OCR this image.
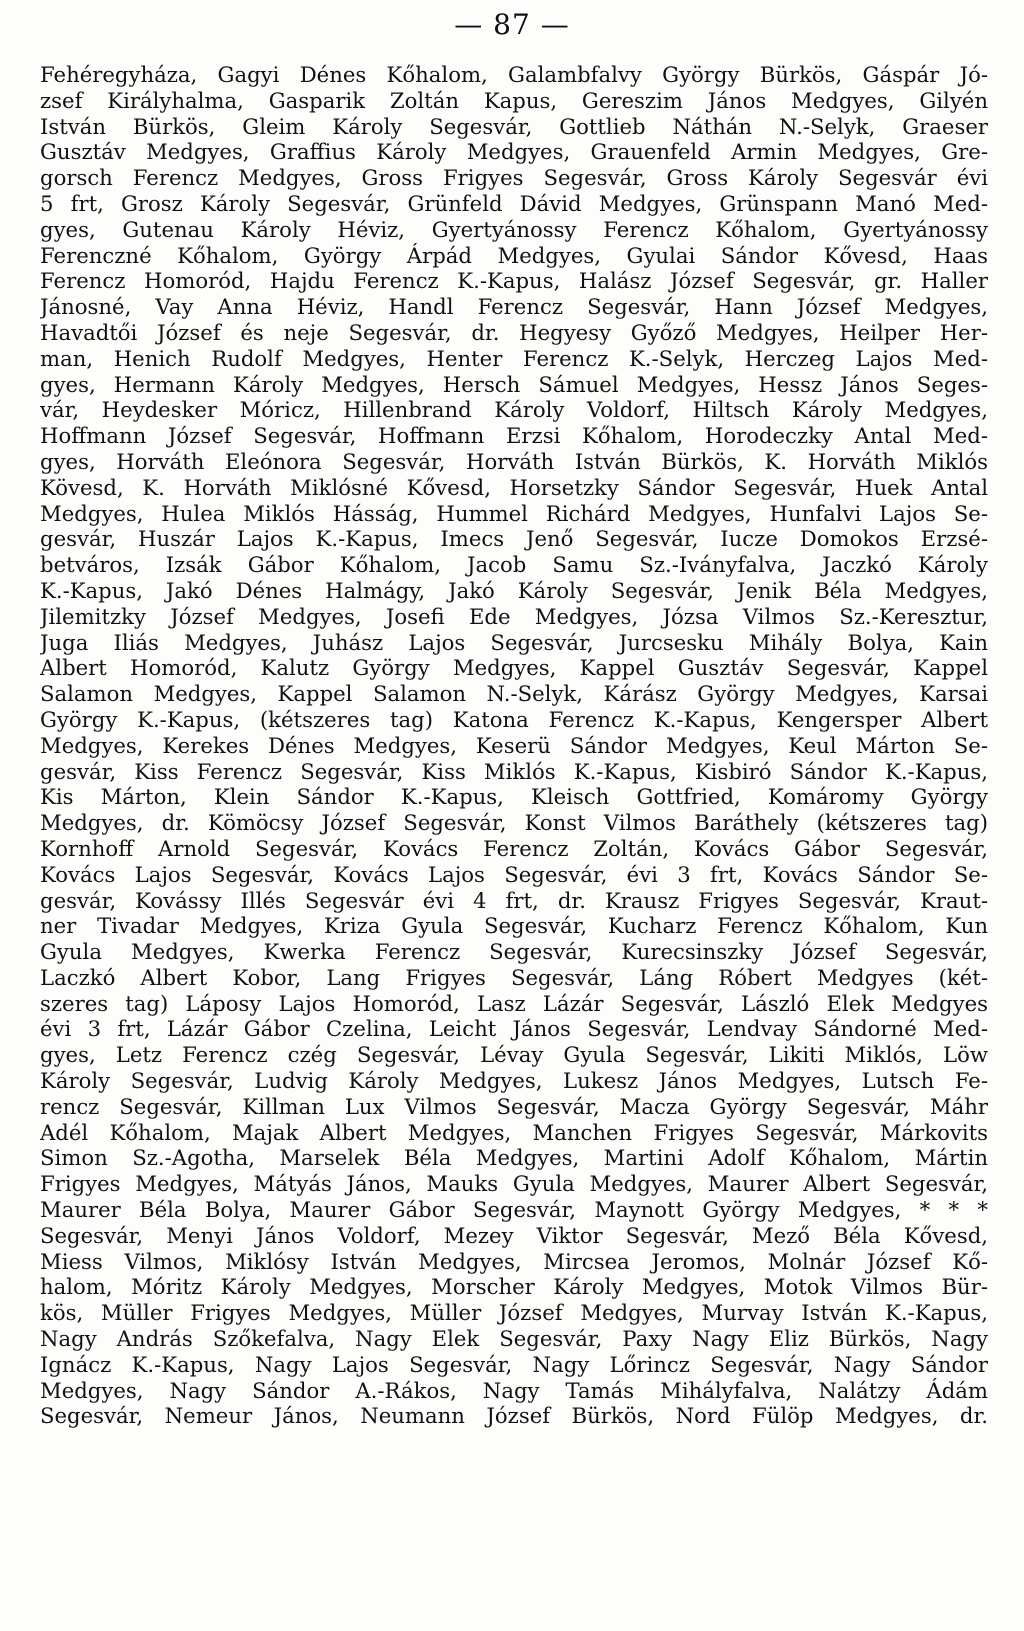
— 87 —
Fehéregyháza, Gagyi Dénes Kőhalom, Galambfalvy György Bürkös, Gáspár Jó-
zsef Királyhalma, Gasparik Zoltán Kapus, Gereszim János Medgyes, Gilyén
István Bürkös, Gleim Károly Segesvár, Gottlieb Náthán N.-Selyk, Graeser
Gusztáv Medgyes, Graffius Károly Medgyes, Grauenfeld Armin Medgyes, Gre-
gorsch Ferencz Medgyes, Gross Frigyes Segesvár, Gross Károly Segesvár évi
5 frt, Grosz Károly Segesvár, Grünfeld Dávid Medgyes, Grünspann Manó Med-
gyes, Gutenau Károly Héviz, Gyertyánossy Ferencz Kőhalom, Gyertyánossy
Ferenczné Kőhalom, György Árpád Medgyes, Gyulai Sándor Kővesd, Haas
Ferencz Homoród, Hajdu Ferencz K.-Kapus, Halász József Segesvár, gr. Haller
Jánosné, Vay Anna Héviz, Handl Ferencz Segesvár, Hann József Medgyes,
Havadtői József és neje Segesvár, dr. Hegyesy Győző Medgyes, Heilper Her-
man, Henich Rudolf Medgyes, Henter Ferencz K.-Selyk, Herczeg Lajos Med-
gyes, Hermann Károly Medgyes, Hersch Sámuel Medgyes, Hessz János Seges-
vár, Heydesker Móricz, Hillenbrand Károly Voldorf, Hiltsch Károly Medgyes,
Hoffmann József Segesvár, Hoffmann Erzsi Kőhalom, Horodeczky Antal Med-
gyes, Horváth Eleónora Segesvár, Horváth István Bürkös, K. Horváth Miklós
Kövesd, K. Horváth Miklósné Kővesd, Horsetzky Sándor Segesvár, Huek Antal
Medgyes, Hulea Miklós Hásság, Hummel Richárd Medgyes, Hunfalvi Lajos Se-
gesvár, Huszár Lajos K.-Kapus, Imecs Jenő Segesvár, Iucze Domokos Erzsé-
betváros, Izsák Gábor Kőhalom, Jacob Samu Sz.-Iványfalva, Jaczkó Károly
K.-Kapus, Jakó Dénes Halmágy, Jakó Károly Segesvár, Jenik Béla Medgyes,
Jilemitzky József Medgyes, Josefi Ede Medgyes, Józsa Vilmos Sz.-Keresztur,
Juga Iliás Medgyes, Juhász Lajos Segesvár, Jurcsesku Mihály Bolya, Kain
Albert Homoród, Kalutz György Medgyes, Kappel Gusztáv Segesvár, Kappel
Salamon Medgyes, Kappel Salamon N.-Selyk, Kárász György Medgyes, Karsai
György K.-Kapus, (kétszeres tag) Katona Ferencz K.-Kapus, Kengersper Albert
Medgyes, Kerekes Dénes Medgyes, Keserü Sándor Medgyes, Keul Márton Se-
gesvár, Kiss Ferencz Segesvár, Kiss Miklós K.-Kapus, Kisbiró Sándor K.-Kapus,
Kis Márton, Klein Sándor K.-Kapus, Kleisch Gottfried, Komáromy György
Medgyes, dr. Kömöcsy József Segesvár, Konst Vilmos Baráthely (kétszeres tag)
Kornhoff Arnold Segesvár, Kovács Ferencz Zoltán, Kovács Gábor Segesvár,
Kovács Lajos Segesvár, Kovács Lajos Segesvár, évi 3 frt, Kovács Sándor Se-
gesvár, Kovássy Illés Segesvár évi 4 frt, dr. Krausz Frigyes Segesvár, Kraut-
ner Tivadar Medgyes, Kriza Gyula Segesvár, Kucharz Ferencz Kőhalom, Kun
Gyula Medgyes, Kwerka Ferencz Segesvár, Kurecsinszky József Segesvár,
Laczkó Albert Kobor, Lang Frigyes Segesvár, Láng Róbert Medgyes (két-
szeres tag) Láposy Lajos Homoród, Lasz Lázár Segesvár, László Elek Medgyes
évi 3 frt, Lázár Gábor Czelina, Leicht János Segesvár, Lendvay Sándorné Med-
gyes, Letz Ferencz czég Segesvár, Lévay Gyula Segesvár, Likiti Miklós, Löw
Károly Segesvár, Ludvig Károly Medgyes, Lukesz János Medgyes, Lutsch Fe-
rencz Segesvár, Killman Lux Vilmos Segesvár, Macza György Segesvár, Máhr
Adél Kőhalom, Majak Albert Medgyes, Manchen Frigyes Segesvár, Márkovits
Simon Sz.-Agotha, Marselek Béla Medgyes, Martini Adolf Kőhalom, Mártin
Frigyes Medgyes, Mátyás János, Mauks Gyula Medgyes, Maurer Albert Segesvár,
Maurer Béla Bolya, Maurer Gábor Segesvár, Maynott György Medgyes, * * *
Segesvár, Menyi János Voldorf, Mezey Viktor Segesvár, Mező Béla Kővesd,
Miess Vilmos, Miklósy István Medgyes, Mircsea Jeromos, Molnár József Kő-
halom, Móritz Károly Medgyes, Morscher Károly Medgyes, Motok Vilmos Bür-
kös, Müller Frigyes Medgyes, Müller József Medgyes, Murvay István K.-Kapus,
Nagy András Szőkefalva, Nagy Elek Segesvár, Paxy Nagy Eliz Bürkös, Nagy
Ignácz K.-Kapus, Nagy Lajos Segesvár, Nagy Lőrincz Segesvár, Nagy Sándor
Medgyes, Nagy Sándor A.-Rákos, Nagy Tamás Mihályfalva, Nalátzy Ádám
Segesvár, Nemeur János, Neumann József Bürkös, Nord Fülöp Medgyes, dr.
